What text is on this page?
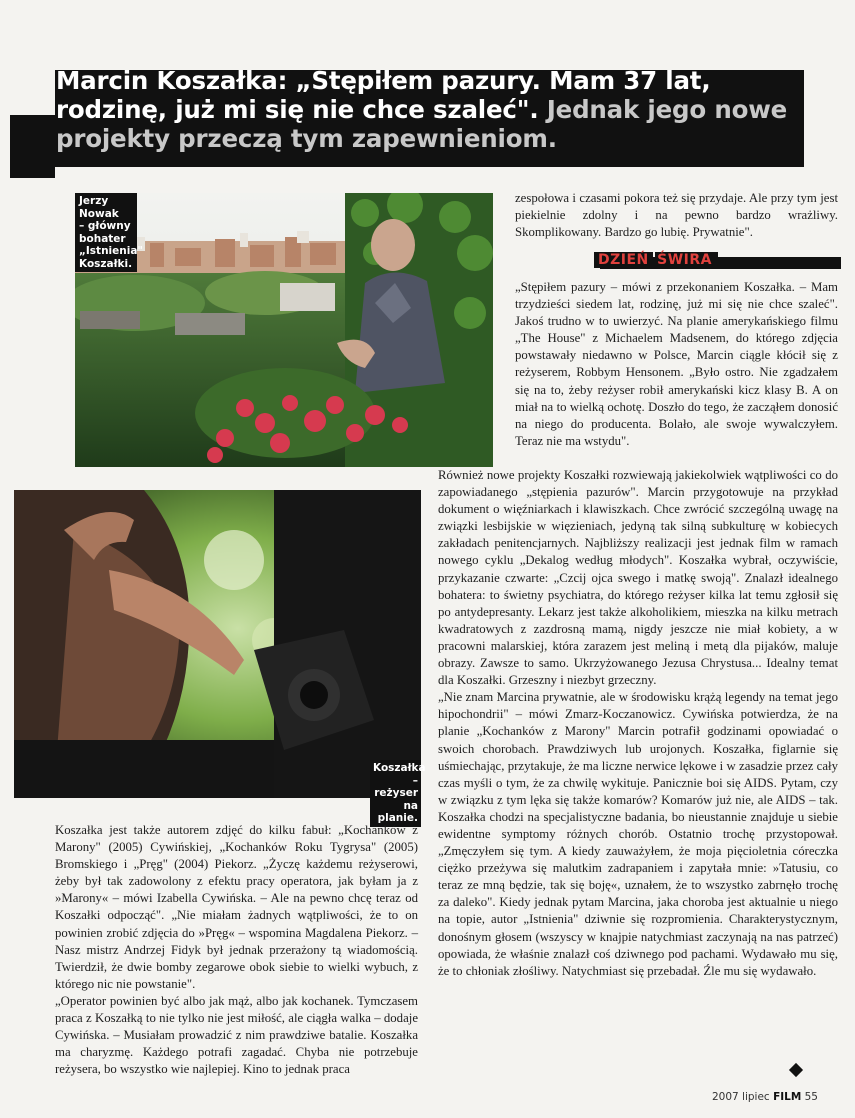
Marcin Koszałka: „Stępiłem pazury. Mam 37 lat, rodzinę, już mi się nie chce szaleć". Jednak jego nowe projekty przeczą tym zapewnieniom.
Jerzy Nowak
– główny
bohater
„Istnienia"
Koszałki.
Koszałka
– reżyser
na planie.
DZIEŃ ŚWIRA

zespołowa i czasami pokora też się przydaje. Ale przy tym jest piekielnie zdolny i na pewno bardzo wrażliwy. Skomplikowany. Bardzo go lubię. Prywatnie".

„Stępiłem pazury – mówi z przekonaniem Koszałka. – Mam trzydzieści siedem lat, rodzinę, już mi się nie chce szaleć". Jakoś trudno w to uwierzyć. Na planie amerykańskiego filmu „The House" z Michaelem Madsenem, do którego zdjęcia powstawały niedawno w Polsce, Marcin ciągle kłócił się z reżyserem, Robbym Hensonem. „Było ostro. Nie zgadzałem się na to, żeby reżyser robił amerykański kicz klasy B. A on miał na to wielką ochotę. Doszło do tego, że zacząłem donosić na niego do producenta. Bolało, ale swoje wywalczyłem. Teraz nie ma wstydu".

Również nowe projekty Koszałki rozwiewają jakiekolwiek wątpliwości co do zapowiadanego „stępienia pazurów". Marcin przygotowuje na przykład dokument o więźniarkach i klawiszkach. Chce zwrócić szczególną uwagę na związki lesbijskie w więzieniach, jedyną tak silną subkulturę w kobiecych zakładach penitencjarnych. Najbliższy realizacji jest jednak film w ramach nowego cyklu „Dekalog według młodych". Koszałka wybrał, oczywiście, przykazanie czwarte: „Czcij ojca swego i matkę swoją". Znalazł idealnego bohatera: to świetny psychiatra, do którego reżyser kilka lat temu zgłosił się po antydepresanty. Lekarz jest także alkoholikiem, mieszka na kilku metrach kwadratowych z zazdrosną mamą, nigdy jeszcze nie miał kobiety, a w pracowni malarskiej, która zarazem jest meliną i metą dla pijaków, maluje obrazy. Zawsze to samo. Ukrzyżowanego Jezusa Chrystusa... Idealny temat dla Koszałki. Grzeszny i niezbyt grzeczny.

„Nie znam Marcina prywatnie, ale w środowisku krążą legendy na temat jego hipochondrii" – mówi Zmarz-Koczanowicz. Cywińska potwierdza, że na planie „Kochanków z Marony" Marcin potrafił godzinami opowiadać o swoich chorobach. Prawdziwych lub urojonych. Koszałka, figlarnie się uśmiechając, przytakuje, że ma liczne nerwice lękowe i w zasadzie przez cały czas myśli o tym, że za chwilę wykituje. Panicznie boi się AIDS. Pytam, czy w związku z tym lęka się także komarów? Komarów już nie, ale AIDS – tak. Koszałka chodzi na specjalistyczne badania, bo nieustannie znajduje u siebie ewidentne symptomy różnych chorób. Ostatnio trochę przystopował. „Zmęczyłem się tym. A kiedy zauważyłem, że moja pięcioletnia córeczka ciężko przeżywa się malutkim zadrapaniem i zapytała mnie: »Tatusiu, co teraz ze mną będzie, tak się boję«, uznałem, że to wszystko zabrnęło trochę za daleko". Kiedy jednak pytam Marcina, jaka choroba jest aktualnie u niego na topie, autor „Istnienia" dziwnie się rozpromienia. Charakterystycznym, donośnym głosem (wszyscy w knajpie natychmiast zaczynają na nas patrzeć) opowiada, że właśnie znalazł coś dziwnego pod pachami. Wydawało mu się, że to chłoniak złośliwy. Natychmiast się przebadał. Źle mu się wydawało.

Koszałka jest także autorem zdjęć do kilku fabuł: „Kochanków z Marony" (2005) Cywińskiej, „Kochanków Roku Tygrysa" (2005) Bromskiego i „Pręg" (2004) Piekorz. „Życzę każdemu reżyserowi, żeby był tak zadowolony z efektu pracy operatora, jak byłam ja z »Marony« – mówi Izabella Cywińska. – Ale na pewno chcę teraz od Koszałki odpocząć". „Nie miałam żadnych wątpliwości, że to on powinien zrobić zdjęcia do »Pręg« – wspomina Magdalena Piekorz. – Nasz mistrz Andrzej Fidyk był jednak przerażony tą wiadomością. Twierdził, że dwie bomby zegarowe obok siebie to wielki wybuch, z którego nic nie powstanie".

„Operator powinien być albo jak mąż, albo jak kochanek. Tymczasem praca z Koszałką to nie tylko nie jest miłość, ale ciągła walka – dodaje Cywińska. – Musiałam prowadzić z nim prawdziwe batalie. Koszałka ma charyzmę. Każdego potrafi zagadać. Chyba nie potrzebuje reżysera, bo wszystko wie najlepiej. Kino to jednak praca

2007 lipiec FILM 55
